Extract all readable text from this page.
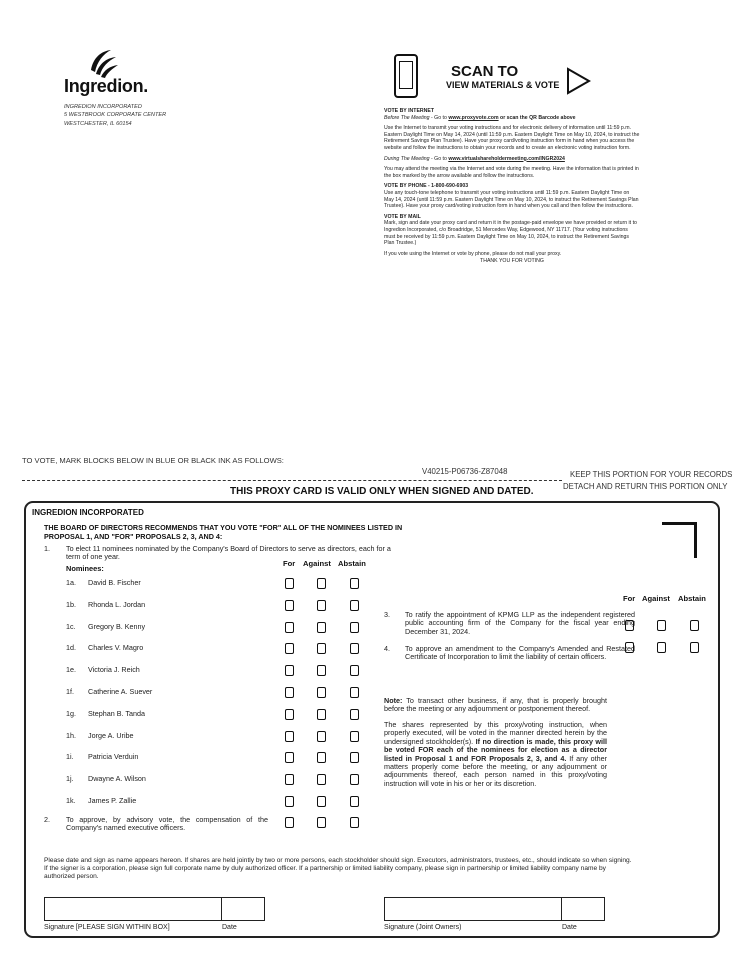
Ingredion.
INGREDION INCORPORATED
5 WESTBROOK CORPORATE CENTER
WESTCHESTER, IL 60154
SCAN TO
VIEW MATERIALS & VOTE
VOTE BY INTERNET

Before The Meeting - Go to www.proxyvote.com or scan the QR Barcode above

Use the Internet to transmit your voting instructions and for electronic delivery of information until 11:59 p.m. Eastern Daylight Time on May 14, 2024 (until 11:59 p.m. Eastern Daylight Time on May 10, 2024, to instruct the Retirement Savings Plan Trustee). Have your proxy card/voting instruction form in hand when you access the website and follow the instructions to obtain your records and to create an electronic voting instruction form.

During The Meeting - Go to www.virtualshareholdermeeting.com/INGR2024

You may attend the meeting via the Internet and vote during the meeting. Have the information that is printed in the box marked by the arrow available and follow the instructions.

VOTE BY PHONE - 1-800-690-6903

Use any touch-tone telephone to transmit your voting instructions until 11:59 p.m. Eastern Daylight Time on May 14, 2024 (until 11:59 p.m. Eastern Daylight Time on May 10, 2024, to instruct the Retirement Savings Plan Trustee). Have your proxy card/voting instruction form in hand when you call and then follow the instructions.

VOTE BY MAIL

Mark, sign and date your proxy card and return it in the postage-paid envelope we have provided or return it to Ingredion Incorporated, c/o Broadridge, 51 Mercedes Way, Edgewood, NY 11717. (Your voting instructions must be received by 11:59 p.m. Eastern Daylight Time on May 10, 2024, to instruct the Retirement Savings Plan Trustee.)

If you vote using the Internet or vote by phone, please do not mail your proxy.

THANK YOU FOR VOTING

TO VOTE, MARK BLOCKS BELOW IN BLUE OR BLACK INK AS FOLLOWS:
V40215-P06736-Z87048	KEEP THIS PORTION FOR YOUR RECORDS
DETACH AND RETURN THIS PORTION ONLY
THIS PROXY CARD IS VALID ONLY WHEN SIGNED AND DATED.
INGREDION INCORPORATED
THE BOARD OF DIRECTORS RECOMMENDS THAT YOU VOTE "FOR" ALL OF THE NOMINEES LISTED IN PROPOSAL 1, AND "FOR" PROPOSALS 2, 3, AND 4:
1. To elect 11 nominees nominated by the Company's Board of Directors to serve as directors, each for a term of one year.
Nominees:
For Against Abstain
For Against Abstain
1a. David B. Fischer
1b. Rhonda L. Jordan
1c. Gregory B. Kenny
1d. Charles V. Magro
1e. Victoria J. Reich
1f. Catherine A. Suever
1g. Stephan B. Tanda
1h. Jorge A. Uribe
1i. Patricia Verduin
1j. Dwayne A. Wilson
1k. James P. Zallie
2. To approve, by advisory vote, the compensation of the Company's named executive officers.
3. To ratify the appointment of KPMG LLP as the independent registered public accounting firm of the Company for the fiscal year ending December 31, 2024.
4. To approve an amendment to the Company's Amended and Restated Certificate of Incorporation to limit the liability of certain officers.
Note: To transact other business, if any, that is properly brought before the meeting or any adjournment or postponement thereof.
The shares represented by this proxy/voting instruction, when properly executed, will be voted in the manner directed herein by the undersigned stockholder(s). If no direction is made, this proxy will be voted FOR each of the nominees for election as a director listed in Proposal 1 and FOR Proposals 2, 3, and 4. If any other matters properly come before the meeting, or any adjournment or adjournments thereof, each person named in this proxy/voting instruction will vote in his or her or its discretion.
Please date and sign as name appears hereon. If shares are held jointly by two or more persons, each stockholder should sign. Executors, administrators, trustees, etc., should indicate so when signing. If the signer is a corporation, please sign full corporate name by duly authorized officer. If a partnership or limited liability company, please sign in partnership or limited liability company name by authorized person.
Signature [PLEASE SIGN WITHIN BOX]	Date	Signature (Joint Owners)	Date
